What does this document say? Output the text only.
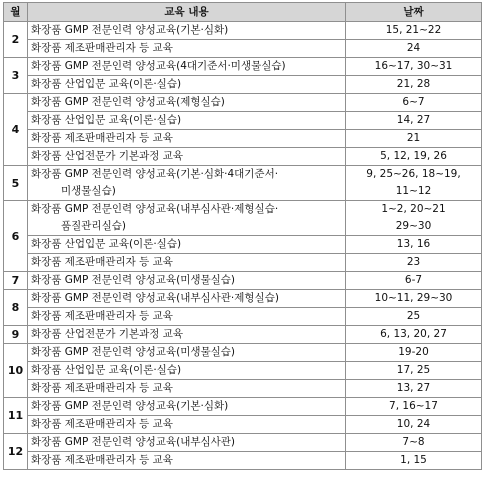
월	교육 내용	날짜
2	화장품 GMP 전문인력 양성교육(기본·심화)	15, 21~22

	화장품 제조판매관리자 등 교육	24

3	화장품 GMP 전문인력 양성교육(4대기준서·미생물실습)	16~17, 30~31

	화장품 산업입문 교육(이론·실습)	21, 28

4	화장품 GMP 전문인력 양성교육(제형실습)	6~7

	화장품 산업입문 교육(이론·실습)	14, 27

	화장품 제조판매관리자 등 교육	21

	화장품 산업전문가 기본과정 교육	5, 12, 19, 26

5	화장품 GMP 전문인력 양성교육(기본·심화·4대기준서·
미생물실습)	9, 25~26, 18~19,
11~12

6	화장품 GMP 전문인력 양성교육(내부심사관·제형실습·
품질관리실습)	1~2, 20~21
29~30

	화장품 산업입문 교육(이론·실습)	13, 16

	화장품 제조판매관리자 등 교육	23

7	화장품 GMP 전문인력 양성교육(미생물실습)	6-7

8	화장품 GMP 전문인력 양성교육(내부심사관·제형실습)	10~11, 29~30

	화장품 제조판매관리자 등 교육	25

9	화장품 산업전문가 기본과정 교육	6, 13, 20, 27

10	화장품 GMP 전문인력 양성교육(미생물실습)	19-20

	화장품 산업입문 교육(이론·실습)	17, 25

	화장품 제조판매관리자 등 교육	13, 27

11	화장품 GMP 전문인력 양성교육(기본·심화)	7, 16~17

	화장품 제조판매관리자 등 교육	10, 24

12	화장품 GMP 전문인력 양성교육(내부심사관)	7~8

	화장품 제조판매관리자 등 교육	1, 15
